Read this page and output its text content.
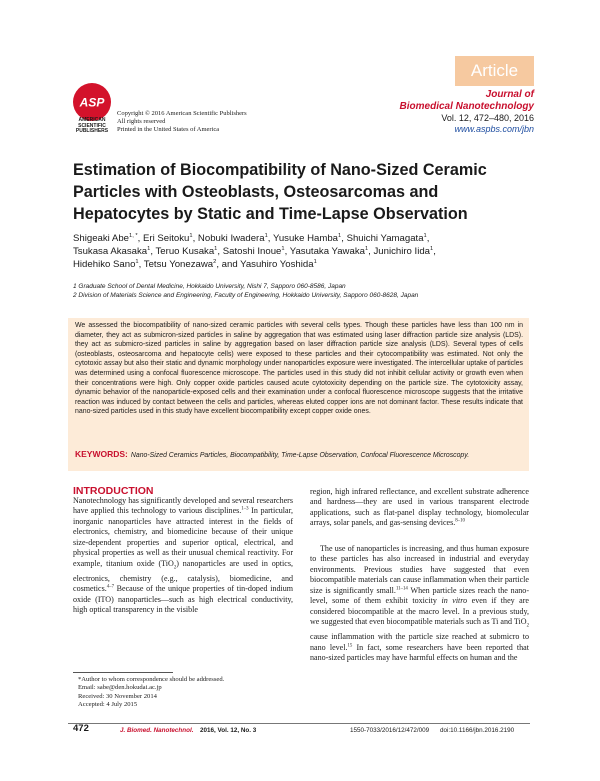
Article
ASP
AMERICAN
SCIENTIFIC
PUBLISHERS
Copyright © 2016 American Scientific Publishers
All rights reserved
Printed in the United States of America
Journal of
Biomedical Nanotechnology
Vol. 12, 472–480, 2016
www.aspbs.com/jbn
Estimation of Biocompatibility of Nano-Sized Ceramic
Particles with Osteoblasts, Osteosarcomas and
Hepatocytes by Static and Time-Lapse Observation
Shigeaki Abe$^{1, *}$, Eri Seitoku$^1$, Nobuki Iwadera$^1$, Yusuke Hamba$^1$, Shuichi Yamagata$^1$,
Tsukasa Akasaka$^1$, Teruo Kusaka$^1$, Satoshi Inoue$^1$, Yasutaka Yawaka$^1$, Junichiro Iida$^1$,
Hidehiko Sano$^1$, Tetsu Yonezawa$^2$, and Yasuhiro Yoshida$^1$
1 Graduate School of Dental Medicine, Hokkaido University, Nishi 7, Sapporo 060-8586, Japan
2 Division of Materials Science and Engineering, Faculty of Engineering, Hokkaido University, Sapporo 060-8628, Japan
We assessed the biocompatibility of nano-sized ceramic particles with several cells types. Though these particles have less than 100 nm in diameter, they act as submicron-sized particles in saline by aggregation that was estimated using laser diffraction particle size analysis (LDS). they act as submicro-sized particles in saline by aggregation based on laser diffraction particle size analysis (LDS). Several types of cells (osteoblasts, osteosarcoma and hepatocyte cells) were exposed to these particles and their cytocompatibility was estimated. Not only the cytotoxic assay but also their static and dynamic morphology under nanoparticles exposure were investigated. The intercellular uptake of particles was determined using a confocal fluorescence microscope. The particles used in this study did not inhibit cellular activity or growth even when their concentrations were high. Only copper oxide particles caused acute cytotoxicity depending on the particle size. The cytotoxicity assay, dynamic behavior of the nanoparticle-exposed cells and their examination under a confocal fluorescence microscope suggests that the irritative reaction was induced by contact between the cells and particles, whereas eluted copper ions are not dominant factor. These results indicate that nano-sized particles used in this study have excellent biocompatibility except copper oxide ones.
KEYWORDS: Nano-Sized Ceramics Particles, Biocompatibility, Time-Lapse Observation, Confocal Fluorescence Microscopy.
INTRODUCTION
Nanotechnology has significantly developed and several researchers have applied this technology to various disciplines.$^{1-3}$ In particular, inorganic nanoparticles have attracted interest in the fields of electronics, chemistry, and biomedicine because of their unique size-dependent properties and superior optical, electrical, and physical properties as well as their unusual chemical reactivity. For example, titanium oxide (TiO$_2$) nanoparticles are used in optics, electronics, chemistry (e.g., catalysis), biomedicine, and cosmetics.$^{4-7}$ Because of the unique properties of tin-doped indium oxide (ITO) nanoparticles—such as high electrical conductivity, high optical transparency in the visible
region, high infrared reflectance, and excellent substrate adherence and hardness—they are used in various transparent electrode applications, such as flat-panel display technology, biomolecular arrays, solar panels, and gas-sensing devices.$^{8-10}$
The use of nanoparticles is increasing, and thus human exposure to these particles has also increased in industrial and everyday environments. Previous studies have suggested that even biocompatible materials can cause inflammation when their particle size is significantly small.$^{11-14}$ When particle sizes reach the nano-level, some of them exhibit toxicity in vitro even if they are considered biocompatible at the macro level. In a previous study, we suggested that even biocompatible materials such as Ti and TiO$_2$ cause inflammation with the particle size reached at submicro to nano level.$^{15}$ In fact, some researchers have been reported that nano-sized particles may have harmful effects on human and the
*Author to whom correspondence should be addressed.
Email: sabe@den.hokudai.ac.jp
Received: 30 November 2014
Accepted: 4 July 2015
472	J. Biomed. Nanotechnol. 2016, Vol. 12, No. 3	1550-7033/2016/12/472/009 doi:10.1166/jbn.2016.2190
